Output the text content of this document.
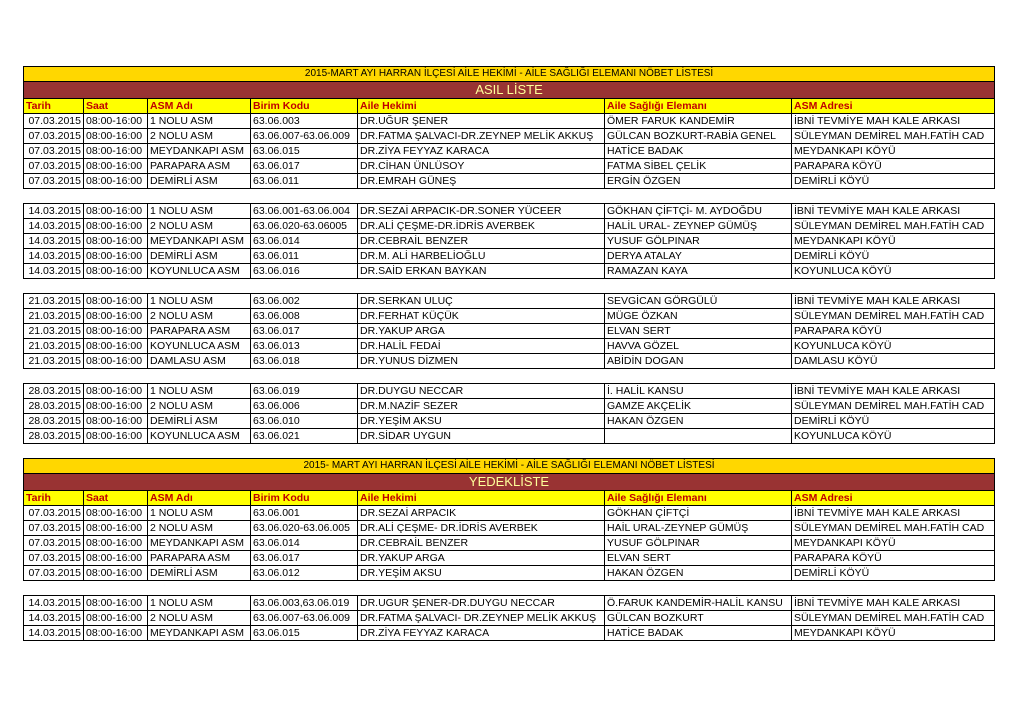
2015-MART AYI HARRAN İLÇESİ AİLE HEKİMİ - AİLE SAĞLIĞI ELEMANI NÖBET LİSTESİ						
ASIL LİSTE						
Tarih	Saat	ASM Adı	Birim Kodu	Aile Hekimi	Aile Sağlığı Elemanı	ASM Adresi
07.03.2015	08:00-16:00	1 NOLU ASM	63.06.003	DR.UĞUR ŞENER	ÖMER FARUK KANDEMİR	İBNİ TEVMİYE MAH KALE ARKASI
07.03.2015	08:00-16:00	2 NOLU ASM	63.06.007-63.06.009	DR.FATMA ŞALVACI-DR.ZEYNEP MELİK AKKUŞ	GÜLCAN BOZKURT-RABİA GENEL	SÜLEYMAN DEMİREL MAH.FATİH CAD
07.03.2015	08:00-16:00	MEYDANKAPI ASM	63.06.015	DR.ZİYA FEYYAZ KARACA	HATİCE BADAK	MEYDANKAPI KÖYÜ
07.03.2015	08:00-16:00	PARAPARA ASM	63.06.017	DR.CİHAN ÜNLÜSOY	FATMA SİBEL ÇELİK	PARAPARA KÖYÜ
07.03.2015	08:00-16:00	DEMİRLİ ASM	63.06.011	DR.EMRAH GÜNEŞ	ERGİN ÖZGEN	DEMİRLİ KÖYÜ

14.03.2015	08:00-16:00	1 NOLU ASM	63.06.001-63.06.004	DR.SEZAİ ARPACIK-DR.SONER YÜCEER	GÖKHAN ÇİFTÇİ- M. AYDOĞDU	İBNİ TEVMİYE MAH KALE ARKASI
14.03.2015	08:00-16:00	2 NOLU ASM	63.06.020-63.06005	DR.ALİ ÇEŞME-DR.İDRİS AVERBEK	HALİL URAL- ZEYNEP GÜMÜŞ	SÜLEYMAN DEMİREL MAH.FATİH CAD
14.03.2015	08:00-16:00	MEYDANKAPI ASM	63.06.014	DR.CEBRAİL BENZER	YUSUF GÖLPINAR	MEYDANKAPI KÖYÜ
14.03.2015	08:00-16:00	DEMİRLİ ASM	63.06.011	DR.M. ALİ HARBELİOĞLU	DERYA ATALAY	DEMİRLİ KÖYÜ
14.03.2015	08:00-16:00	KOYUNLUCA ASM	63.06.016	DR.SAİD ERKAN BAYKAN	RAMAZAN KAYA	KOYUNLUCA KÖYÜ

21.03.2015	08:00-16:00	1 NOLU ASM	63.06.002	DR.SERKAN ULUÇ	SEVGİCAN GÖRGÜLÜ	İBNİ TEVMİYE MAH KALE ARKASI
21.03.2015	08:00-16:00	2 NOLU ASM	63.06.008	DR.FERHAT KÜÇÜK	MÜGE ÖZKAN	SÜLEYMAN DEMİREL MAH.FATİH CAD
21.03.2015	08:00-16:00	PARAPARA ASM	63.06.017	DR.YAKUP ARGA	ELVAN SERT	PARAPARA KÖYÜ
21.03.2015	08:00-16:00	KOYUNLUCA ASM	63.06.013	DR.HALİL FEDAİ	HAVVA GÖZEL	KOYUNLUCA KÖYÜ
21.03.2015	08:00-16:00	DAMLASU ASM	63.06.018	DR.YUNUS DİZMEN	ABİDİN DOGAN	DAMLASU KÖYÜ

28.03.2015	08:00-16:00	1 NOLU ASM	63.06.019	DR.DUYGU NECCAR	İ. HALİL KANSU	İBNİ TEVMİYE MAH KALE ARKASI
28.03.2015	08:00-16:00	2 NOLU ASM	63.06.006	DR.M.NAZİF SEZER	GAMZE AKÇELİK	SÜLEYMAN DEMİREL MAH.FATİH CAD
28.03.2015	08:00-16:00	DEMİRLİ ASM	63.06.010	DR.YEŞİM AKSU	HAKAN ÖZGEN	DEMİRLİ KÖYÜ
28.03.2015	08:00-16:00	KOYUNLUCA ASM	63.06.021	DR.SİDAR UYGUN		KOYUNLUCA KÖYÜ
2015- MART AYI HARRAN İLÇESİ AİLE HEKİMİ - AİLE SAĞLIĞI ELEMANI NÖBET LİSTESİ						
YEDEKLİSTE						
Tarih	Saat	ASM Adı	Birim Kodu	Aile Hekimi	Aile Sağlığı Elemanı	ASM Adresi
07.03.2015	08:00-16:00	1 NOLU ASM	63.06.001	DR.SEZAİ ARPACIK	GÖKHAN ÇİFTÇİ	İBNİ TEVMİYE MAH KALE ARKASI
07.03.2015	08:00-16:00	2 NOLU ASM	63.06.020-63.06.005	DR.ALİ ÇEŞME- DR.İDRİS AVERBEK	HAİL URAL-ZEYNEP GÜMÜŞ	SÜLEYMAN DEMİREL MAH.FATİH CAD
07.03.2015	08:00-16:00	MEYDANKAPI ASM	63.06.014	DR.CEBRAİL BENZER	YUSUF GÖLPINAR	MEYDANKAPI KÖYÜ
07.03.2015	08:00-16:00	PARAPARA ASM	63.06.017	DR.YAKUP ARGA	ELVAN SERT	PARAPARA KÖYÜ
07.03.2015	08:00-16:00	DEMİRLİ ASM	63.06.012	DR.YEŞİM AKSU	HAKAN ÖZGEN	DEMİRLİ KÖYÜ

14.03.2015	08:00-16:00	1 NOLU ASM	63.06.003,63.06.019	DR.UGUR ŞENER-DR.DUYGU NECCAR	Ö.FARUK KANDEMİR-HALİL KANSU	İBNİ TEVMİYE MAH KALE ARKASI
14.03.2015	08:00-16:00	2 NOLU ASM	63.06.007-63.06.009	DR.FATMA ŞALVACI- DR.ZEYNEP MELİK AKKUŞ	GÜLCAN BOZKURT	SÜLEYMAN DEMİREL MAH.FATİH CAD
14.03.2015	08:00-16:00	MEYDANKAPI ASM	63.06.015	DR.ZİYA FEYYAZ KARACA	HATİCE BADAK	MEYDANKAPI KÖYÜ
